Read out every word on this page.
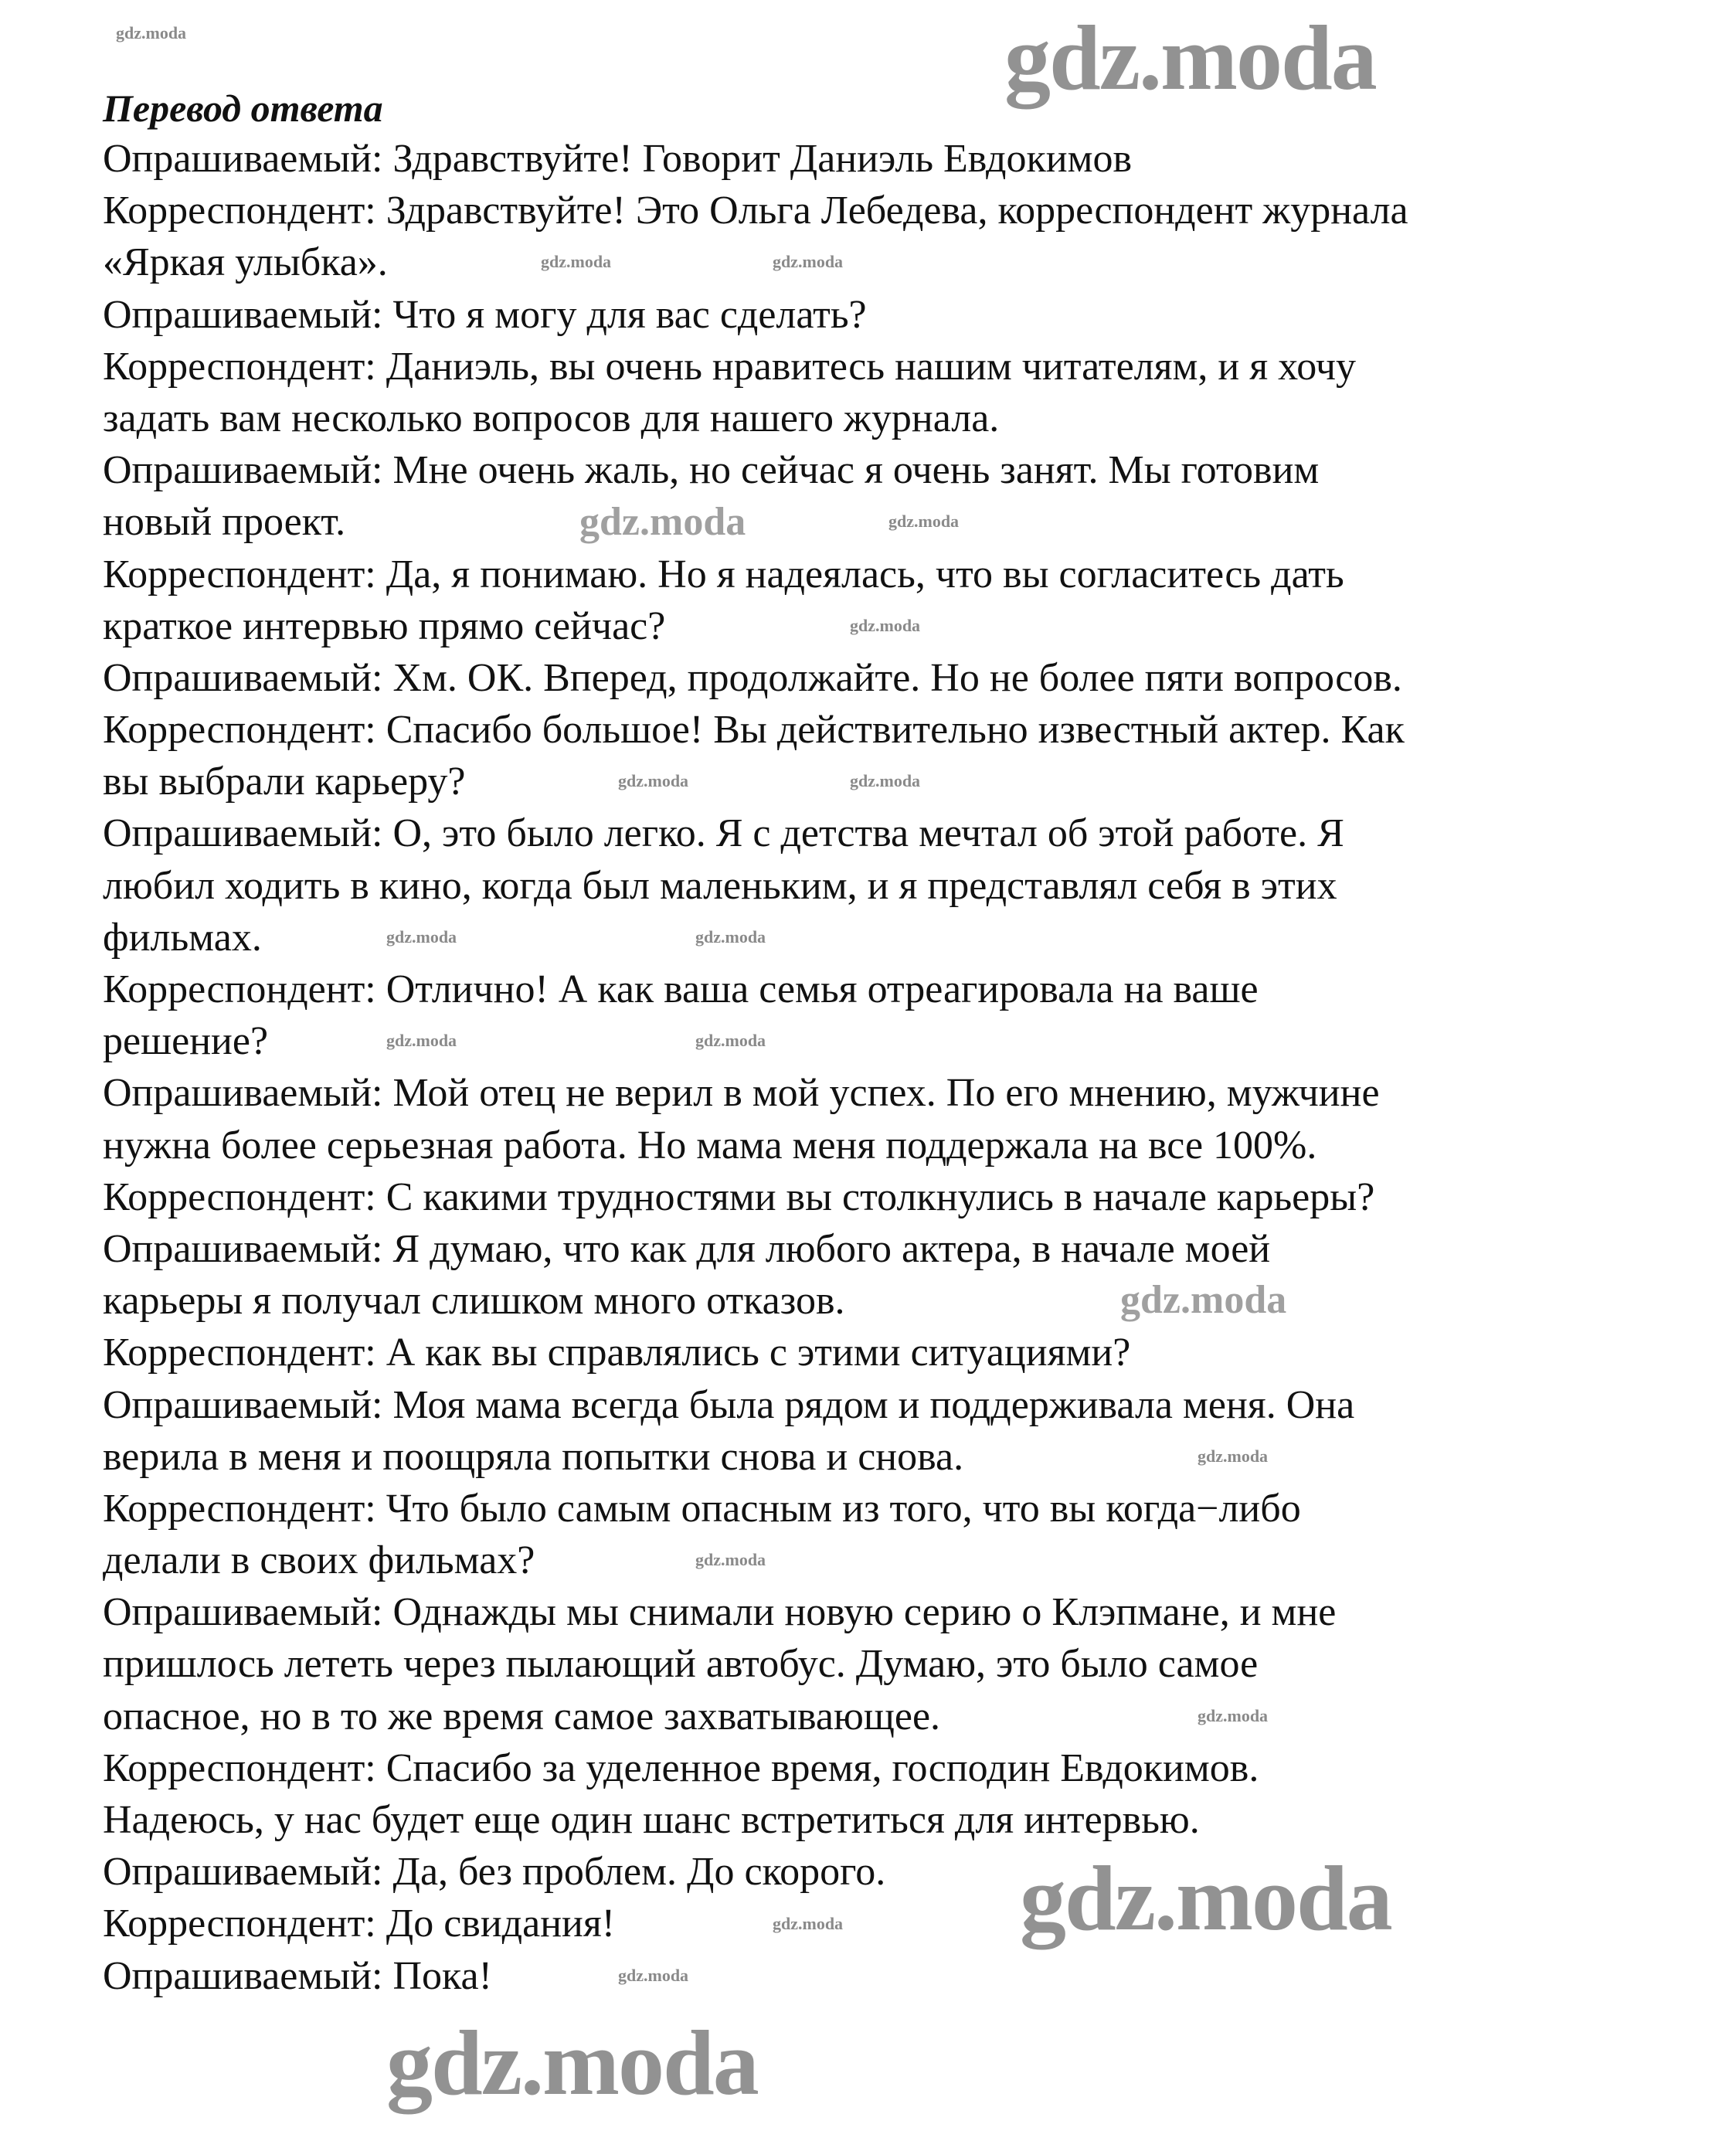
Перевод ответа
Опрашиваемый: Здравствуйте! Говорит Даниэль Евдокимов
Корреспондент: Здравствуйте! Это Ольга Лебедева, корреспондент журнала
«Яркая улыбка».
Опрашиваемый: Что я могу для вас сделать?
Корреспондент: Даниэль, вы очень нравитесь нашим читателям, и я хочу
задать вам несколько вопросов для нашего журнала.
Опрашиваемый: Мне очень жаль, но сейчас я очень занят. Мы готовим
новый проект.
Корреспондент: Да, я понимаю. Но я надеялась, что вы согласитесь дать
краткое интервью прямо сейчас?
Опрашиваемый: Хм. ОК. Вперед, продолжайте. Но не более пяти вопросов.
Корреспондент: Спасибо большое! Вы действительно известный актер. Как
вы выбрали карьеру?
Опрашиваемый: О, это было легко. Я с детства мечтал об этой работе. Я
любил ходить в кино, когда был маленьким, и я представлял себя в этих
фильмах.
Корреспондент: Отлично! А как ваша семья отреагировала на ваше
решение?
Опрашиваемый: Мой отец не верил в мой успех. По его мнению, мужчине
нужна более серьезная работа. Но мама меня поддержала на все 100%.
Корреспондент: С какими трудностями вы столкнулись в начале карьеры?
Опрашиваемый: Я думаю, что как для любого актера, в начале моей
карьеры я получал слишком много отказов.
Корреспондент: А как вы справлялись с этими ситуациями?
Опрашиваемый: Моя мама всегда была рядом и поддерживала меня. Она
верила в меня и поощряла попытки снова и снова.
Корреспондент: Что было самым опасным из того, что вы когда−либо
делали в своих фильмах?
Опрашиваемый: Однажды мы снимали новую серию о Клэпмане, и мне
пришлось лететь через пылающий автобус. Думаю, это было самое
опасное, но в то же время самое захватывающее.
Корреспондент: Спасибо за уделенное время, господин Евдокимов.
Надеюсь, у нас будет еще один шанс встретиться для интервью.
Опрашиваемый: Да, без проблем. До скорого.
Корреспондент: До свидания!
Опрашиваемый: Пока!
gdz.moda
gdz.moda
gdz.moda
gdz.moda
gdz.moda
gdz.moda	gdz.moda
gdz.moda
gdz.moda
gdz.moda	gdz.moda
gdz.moda	gdz.moda
gdz.moda	gdz.moda
gdz.moda
gdz.moda
gdz.moda
gdz.moda
gdz.moda
gdz.moda
